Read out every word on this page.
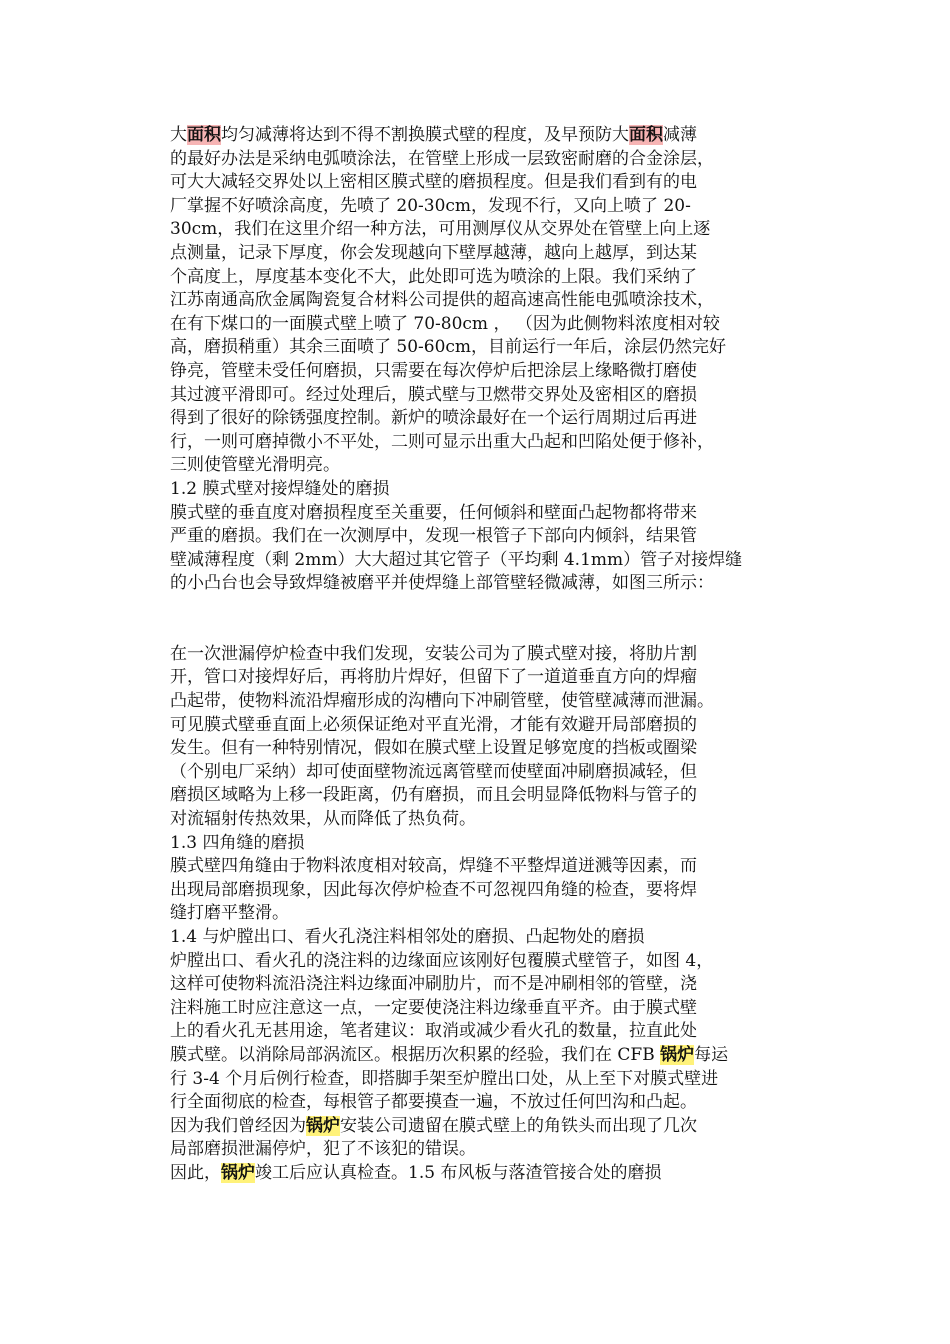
大面积均匀减薄将达到不得不割换膜式壁的程度，及早预防大面积减薄
的最好办法是采纳电弧喷涂法，在管壁上形成一层致密耐磨的合金涂层，
可大大减轻交界处以上密相区膜式壁的磨损程度。但是我们看到有的电
厂掌握不好喷涂高度，先喷了 20-30cm，发现不行，又向上喷了 20-
30cm，我们在这里介绍一种方法，可用测厚仪从交界处在管壁上向上逐
点测量，记录下厚度，你会发现越向下壁厚越薄，越向上越厚，到达某
个高度上，厚度基本变化不大，此处即可选为喷涂的上限。我们采纳了
江苏南通高欣金属陶瓷复合材料公司提供的超高速高性能电弧喷涂技术，
在有下煤口的一面膜式壁上喷了 70-80cm ， （因为此侧物料浓度相对较
高，磨损稍重）其余三面喷了 50-60cm，目前运行一年后，涂层仍然完好
铮亮，管壁未受任何磨损，只需要在每次停炉后把涂层上缘略微打磨使
其过渡平滑即可。经过处理后，膜式壁与卫燃带交界处及密相区的磨损
得到了很好的除锈强度控制。新炉的喷涂最好在一个运行周期过后再进
行，一则可磨掉微小不平处，二则可显示出重大凸起和凹陷处便于修补，
三则使管壁光滑明亮。
1.2 膜式壁对接焊缝处的磨损
膜式壁的垂直度对磨损程度至关重要，任何倾斜和壁面凸起物都将带来
严重的磨损。我们在一次测厚中，发现一根管子下部向内倾斜，结果管
壁减薄程度（剩 2mm）大大超过其它管子（平均剩 4.1mm）管子对接焊缝
的小凸台也会导致焊缝被磨平并使焊缝上部管壁轻微减薄，如图三所示：
在一次泄漏停炉检查中我们发现，安装公司为了膜式壁对接，将肋片割
开，管口对接焊好后，再将肋片焊好，但留下了一道道垂直方向的焊瘤
凸起带，使物料流沿焊瘤形成的沟槽向下冲刷管壁，使管壁减薄而泄漏。
可见膜式壁垂直面上必须保证绝对平直光滑，才能有效避开局部磨损的
发生。但有一种特别情况，假如在膜式壁上设置足够宽度的挡板或圈梁
（个别电厂采纳）却可使面壁物流远离管壁而使壁面冲刷磨损减轻，但
磨损区域略为上移一段距离，仍有磨损，而且会明显降低物料与管子的
对流辐射传热效果，从而降低了热负荷。
1.3 四角缝的磨损
膜式壁四角缝由于物料浓度相对较高，焊缝不平整焊道迸溅等因素，而
出现局部磨损现象，因此每次停炉检查不可忽视四角缝的检查，要将焊
缝打磨平整滑。
1.4 与炉膛出口、看火孔浇注料相邻处的磨损、凸起物处的磨损
炉膛出口、看火孔的浇注料的边缘面应该刚好包覆膜式壁管子，如图 4，
这样可使物料流沿浇注料边缘面冲刷肋片，而不是冲刷相邻的管壁，浇
注料施工时应注意这一点，一定要使浇注料边缘垂直平齐。由于膜式壁
上的看火孔无甚用途，笔者建议：取消或减少看火孔的数量，拉直此处
膜式壁。以消除局部涡流区。根据历次积累的经验，我们在 CFB 锅炉每运
行 3-4 个月后例行检查，即搭脚手架至炉膛出口处，从上至下对膜式壁进
行全面彻底的检查，每根管子都要摸查一遍，不放过任何凹沟和凸起。
因为我们曾经因为锅炉安装公司遗留在膜式壁上的角铁头而出现了几次
局部磨损泄漏停炉，犯了不该犯的错误。
因此，锅炉竣工后应认真检查。1.5 布风板与落渣管接合处的磨损
